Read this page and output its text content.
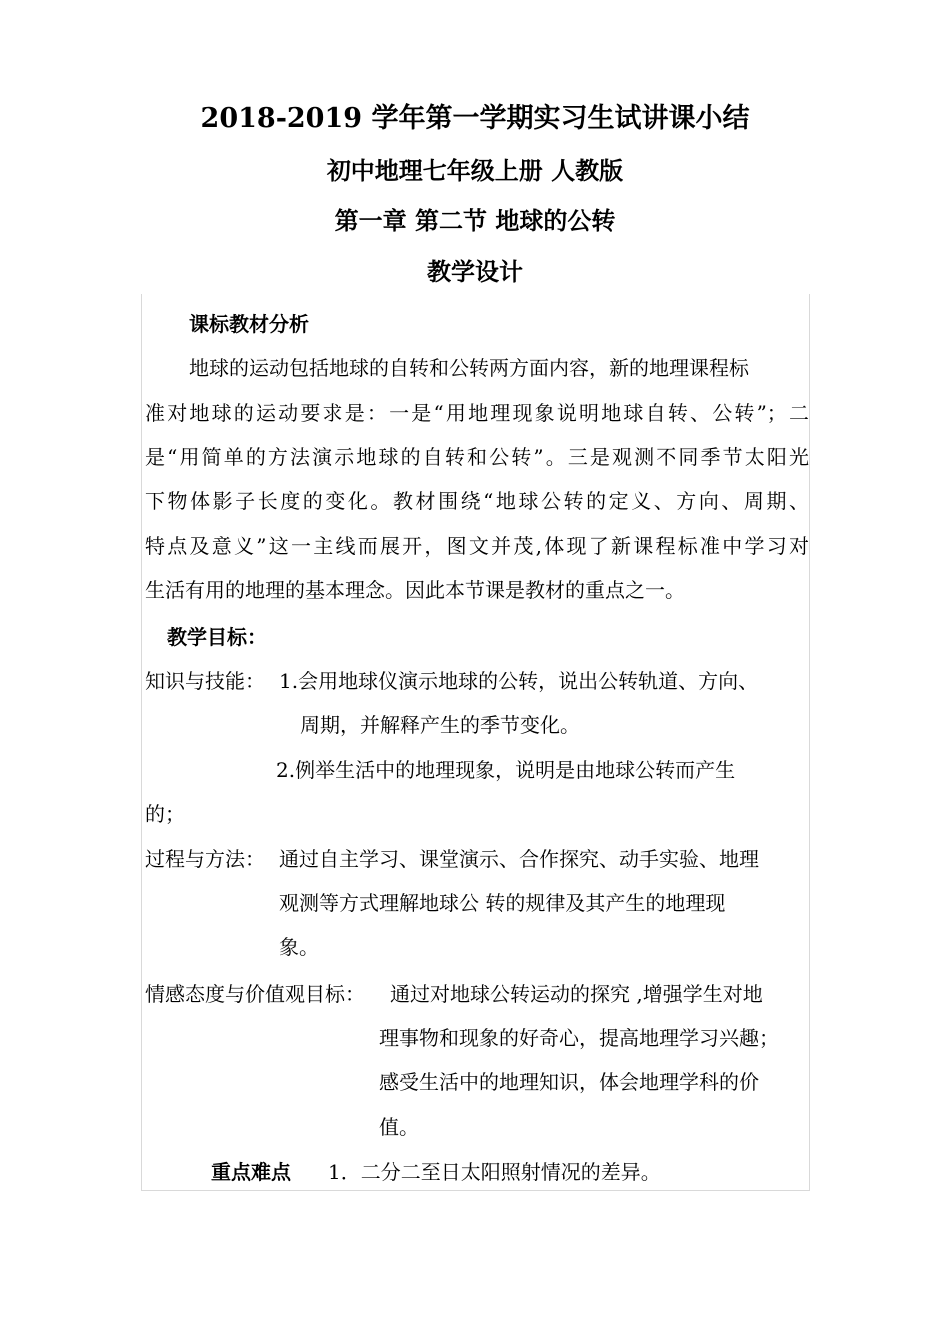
2018-2019 学年第一学期实习生试讲课小结
初中地理七年级上册 人教版
第一章 第二节 地球的公转
教学设计
课标教材分析
地球的运动包括地球的自转和公转两方面内容，新的地理课程标
准对地球的运动要求是：一是“用地理现象说明地球自转、公转”；二
是“用简单的方法演示地球的自转和公转”。三是观测不同季节太阳光
下物体影子长度的变化。教材围绕“地球公转的定义、方向、周期、
特点及意义”这一主线而展开，图文并茂,体现了新课程标准中学习对
生活有用的地理的基本理念。因此本节课是教材的重点之一。
教学目标：
知识与技能： 1.会用地球仪演示地球的公转，说出公转轨道、方向、
周期，并解释产生的季节变化。
2.例举生活中的地理现象，说明是由地球公转而产生
的；
过程与方法： 通过自主学习、课堂演示、合作探究、动手实验、地理
观测等方式理解地球公 转的规律及其产生的地理现
象。
情感态度与价值观目标： 通过对地球公转运动的探究 ,增强学生对地
理事物和现象的好奇心，提高地理学习兴趣；
感受生活中的地理知识，体会地理学科的价
值。
重点难点 1．二分二至日太阳照射情况的差异。
